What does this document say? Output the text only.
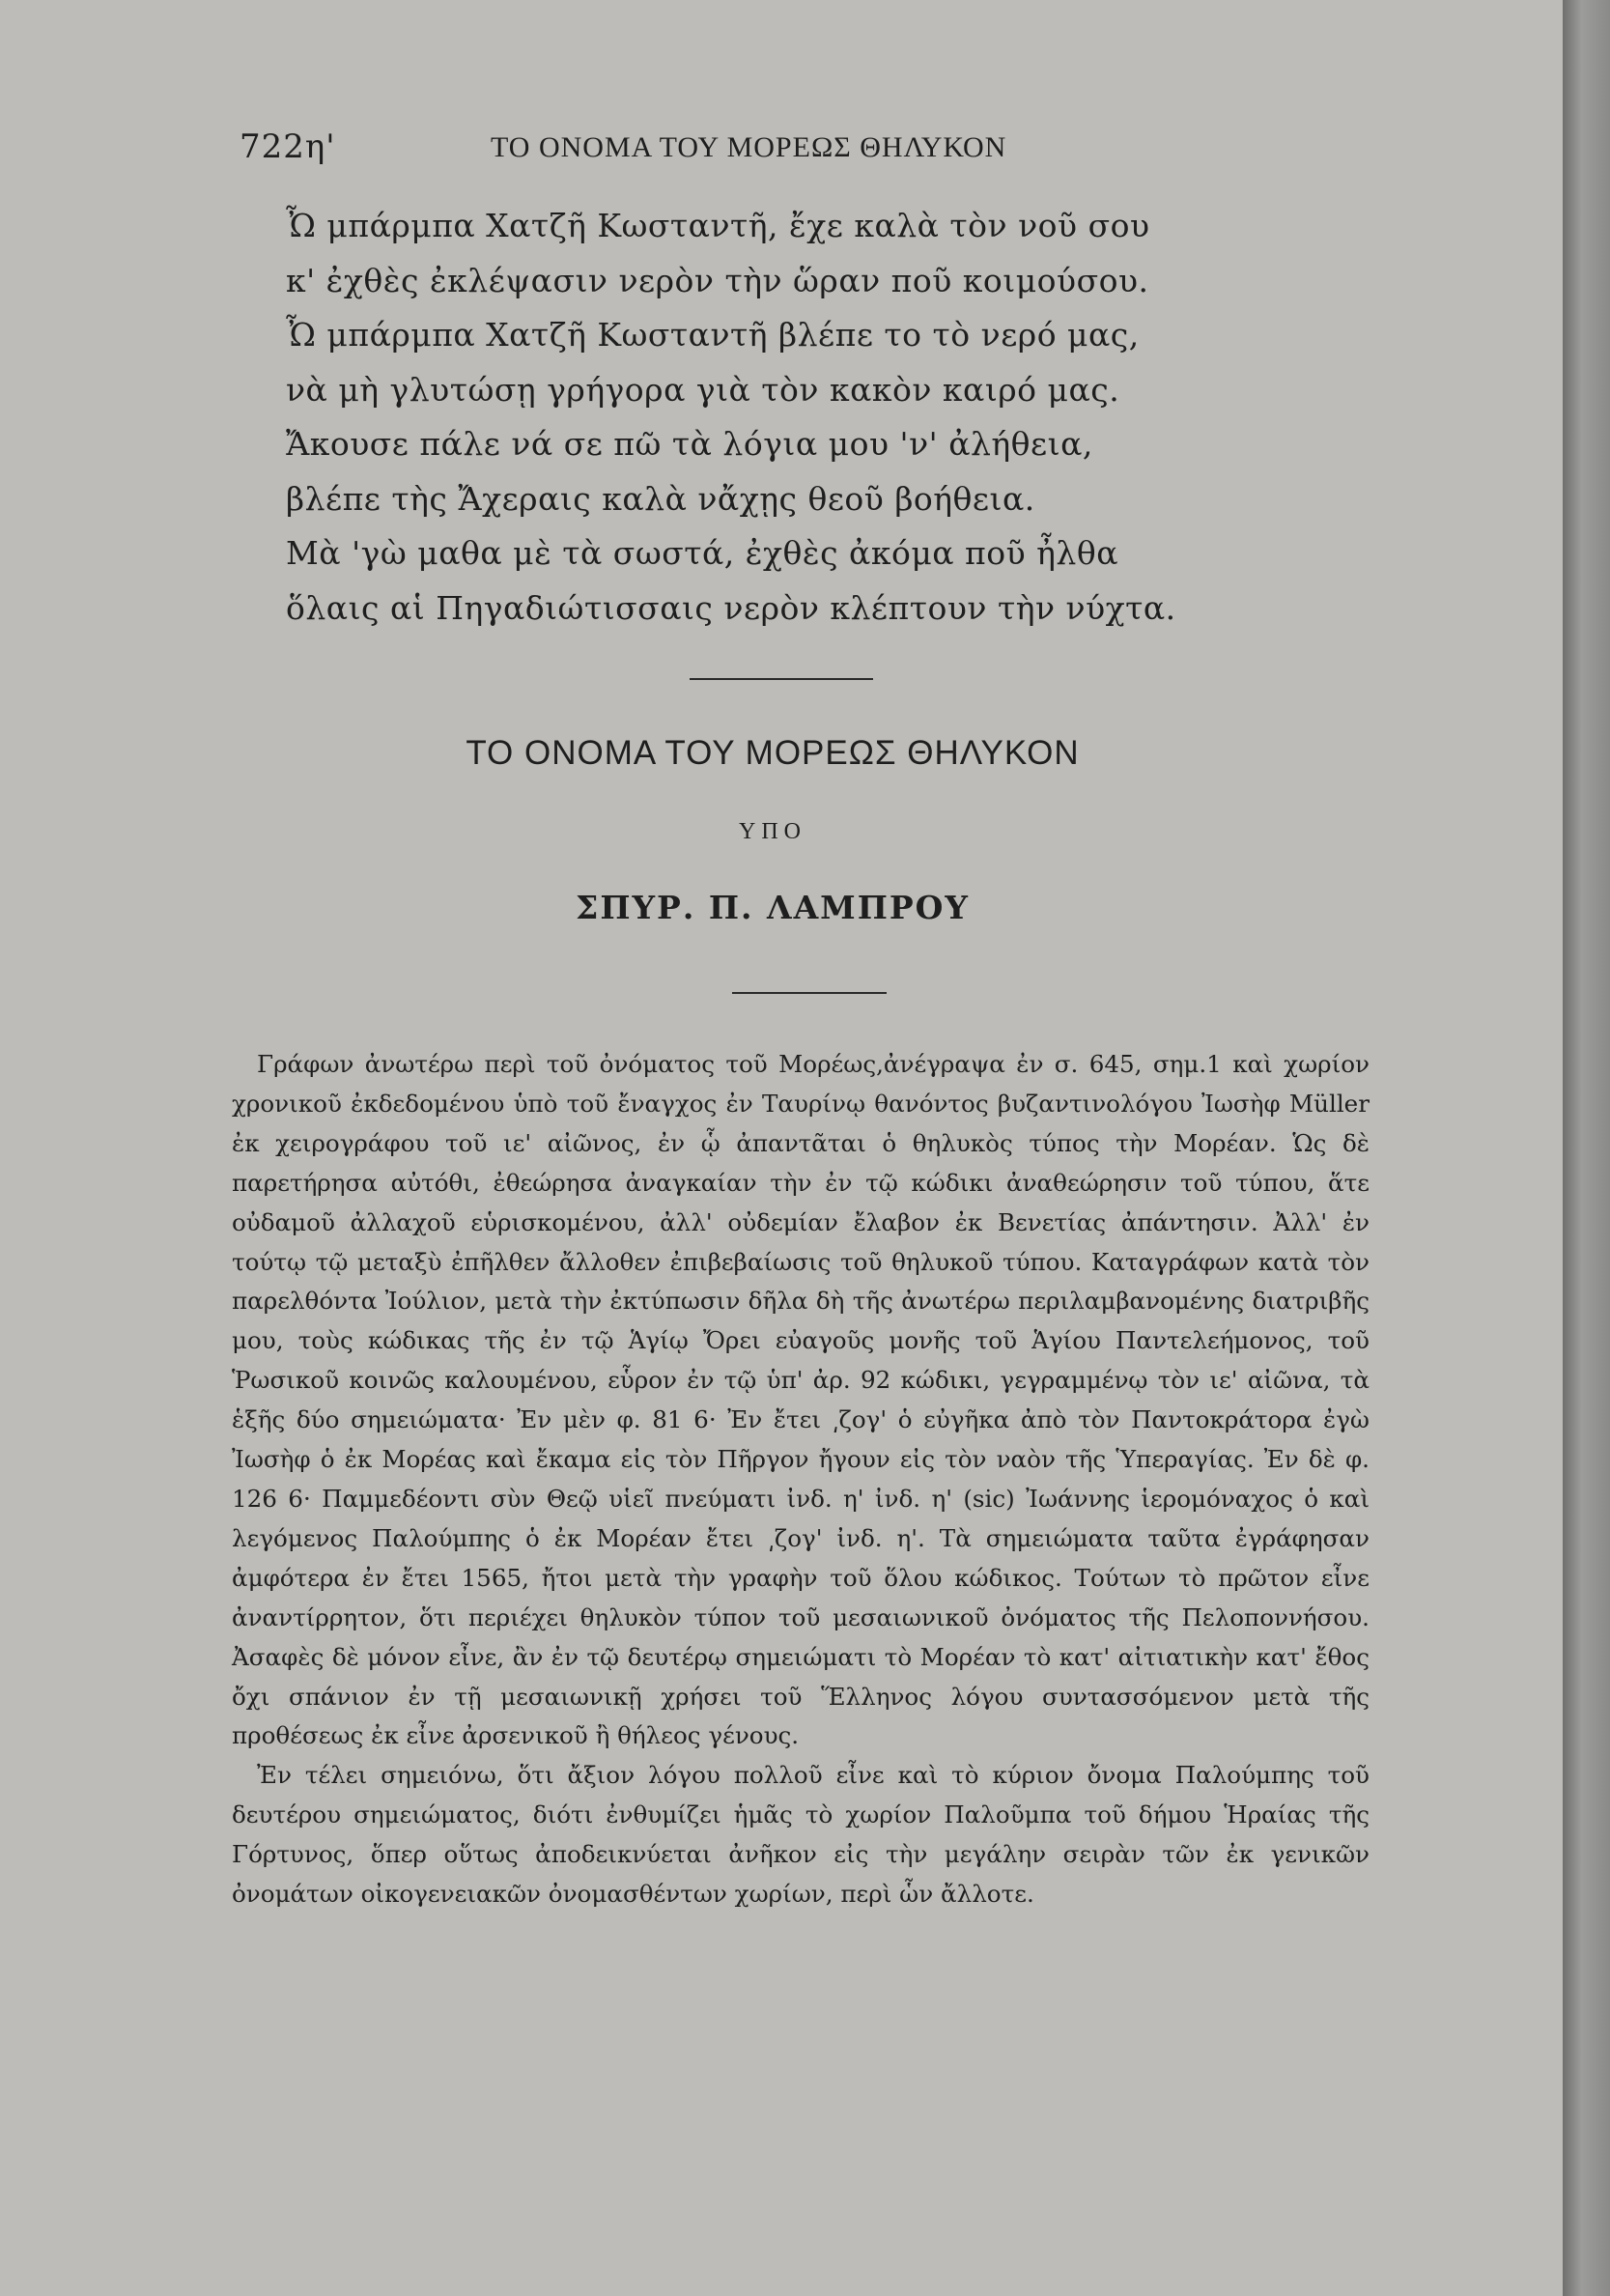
722η'	ΤΟ ΟΝΟΜΑ ΤΟΥ ΜΟΡΕΩΣ ΘΗΛΥΚΟΝ
Ὦ μπάρμπα Χατζῆ Κωσταντῆ, ἔχε καλὰ τὸν νοῦ σου
κ' ἐχθὲς ἐκλέψασιν νερὸν τὴν ὥραν ποῦ κοιμούσου.
Ὦ μπάρμπα Χατζῆ Κωσταντῆ βλέπε το τὸ νερό μας,
νὰ μὴ γλυτώσῃ γρήγορα γιὰ τὸν κακὸν καιρό μας.
Ἄκουσε πάλε νά σε πῶ τὰ λόγια μου 'ν' ἀλήθεια,
βλέπε τὴς Ἄχεραις καλὰ νἄχῃς θεοῦ βοήθεια.
Μὰ 'γὼ μαθα μὲ τὰ σωστά, ἐχθὲς ἀκόμα ποῦ ἦλθα
ὅλαις αἱ Πηγαδιώτισσαις νερὸν κλέπτουν τὴν νύχτα.
ΤΟ ΟΝΟΜΑ ΤΟΥ ΜΟΡΕΩΣ ΘΗΛΥΚΟΝ
ΥΠΟ
ΣΠΥΡ. Π. ΛΑΜΠΡΟΥ

Γράφων ἀνωτέρω περὶ τοῦ ὀνόματος τοῦ Μορέως,ἀνέγραψα ἐν σ. 645, σημ.1 καὶ χωρίον χρονικοῦ ἐκδεδομένου ὑπὸ τοῦ ἔναγχος ἐν Ταυρίνῳ θανόντος βυζαντινολόγου Ἰωσὴφ Müller ἐκ χειρογράφου τοῦ ιε' αἰῶνος, ἐν ᾧ ἀπαντᾶται ὁ θηλυκὸς τύπος τὴν Μορέαν. Ὡς δὲ παρετήρησα αὐτόθι, ἐθεώρησα ἀναγκαίαν τὴν ἐν τῷ κώδικι ἀναθεώρησιν τοῦ τύπου, ἅτε οὐδαμοῦ ἀλλαχοῦ εὑρισκομένου, ἀλλ' οὐδεμίαν ἔλαβον ἐκ Βενετίας ἀπάντησιν. Ἀλλ' ἐν τούτῳ τῷ μεταξὺ ἐπῆλθεν ἄλλοθεν ἐπιβεβαίωσις τοῦ θηλυκοῦ τύπου. Καταγράφων κατὰ τὸν παρελθόντα Ἰούλιον, μετὰ τὴν ἐκτύπωσιν δῆλα δὴ τῆς ἀνωτέρω περιλαμβανομένης διατριβῆς μου, τοὺς κώδικας τῆς ἐν τῷ Ἁγίῳ Ὄρει εὐαγοῦς μονῆς τοῦ Ἁγίου Παντελεήμονος, τοῦ Ῥωσικοῦ κοινῶς καλουμένου, εὗρον ἐν τῷ ὑπ' ἀρ. 92 κώδικι, γεγραμμένῳ τὸν ιε' αἰῶνα, τὰ ἑξῆς δύο σημειώματα· Ἐν μὲν φ. 81 6· Ἐν ἔτει ͵ζογ' ὁ εὐγῆκα ἀπὸ τὸν Παντοκράτορα ἐγὼ Ἰωσὴφ ὁ ἐκ Μορέας καὶ ἔκαμα εἰς τὸν Πῆργον ἤγουν εἰς τὸν ναὸν τῆς Ὑπεραγίας. Ἐν δὲ φ. 126 6· Παμμεδέοντι σὺν Θεῷ υἱεῖ πνεύματι ἰνδ. η' ἰνδ. η' (sic) Ἰωάννης ἱερομόναχος ὁ καὶ λεγόμενος Παλούμπης ὁ ἐκ Μορέαν ἔτει ͵ζογ' ἰνδ. η'. Τὰ σημειώματα ταῦτα ἐγράφησαν ἀμφότερα ἐν ἔτει 1565, ἤτοι μετὰ τὴν γραφὴν τοῦ ὅλου κώδικος. Τούτων τὸ πρῶτον εἶνε ἀναντίρρητον, ὅτι περιέχει θηλυκὸν τύπον τοῦ μεσαιωνικοῦ ὀνόματος τῆς Πελοποννήσου. Ἀσαφὲς δὲ μόνον εἶνε, ἂν ἐν τῷ δευτέρῳ σημειώματι τὸ Μορέαν τὸ κατ' αἰτιατικὴν κατ' ἔθος ὄχι σπάνιον ἐν τῇ μεσαιωνικῇ χρήσει τοῦ Ἕλληνος λόγου συντασσόμενον μετὰ τῆς προθέσεως ἐκ εἶνε ἀρσενικοῦ ἢ θήλεος γένους.

Ἐν τέλει σημειόνω, ὅτι ἄξιον λόγου πολλοῦ εἶνε καὶ τὸ κύριον ὄνομα Παλούμπης τοῦ δευτέρου σημειώματος, διότι ἐνθυμίζει ἡμᾶς τὸ χωρίον Παλοῦμπα τοῦ δήμου Ἡραίας τῆς Γόρτυνος, ὅπερ οὕτως ἀποδεικνύεται ἀνῆκον εἰς τὴν μεγάλην σειρὰν τῶν ἐκ γενικῶν ὀνομάτων οἰκογενειακῶν ὀνομασθέντων χωρίων, περὶ ὧν ἄλλοτε.
